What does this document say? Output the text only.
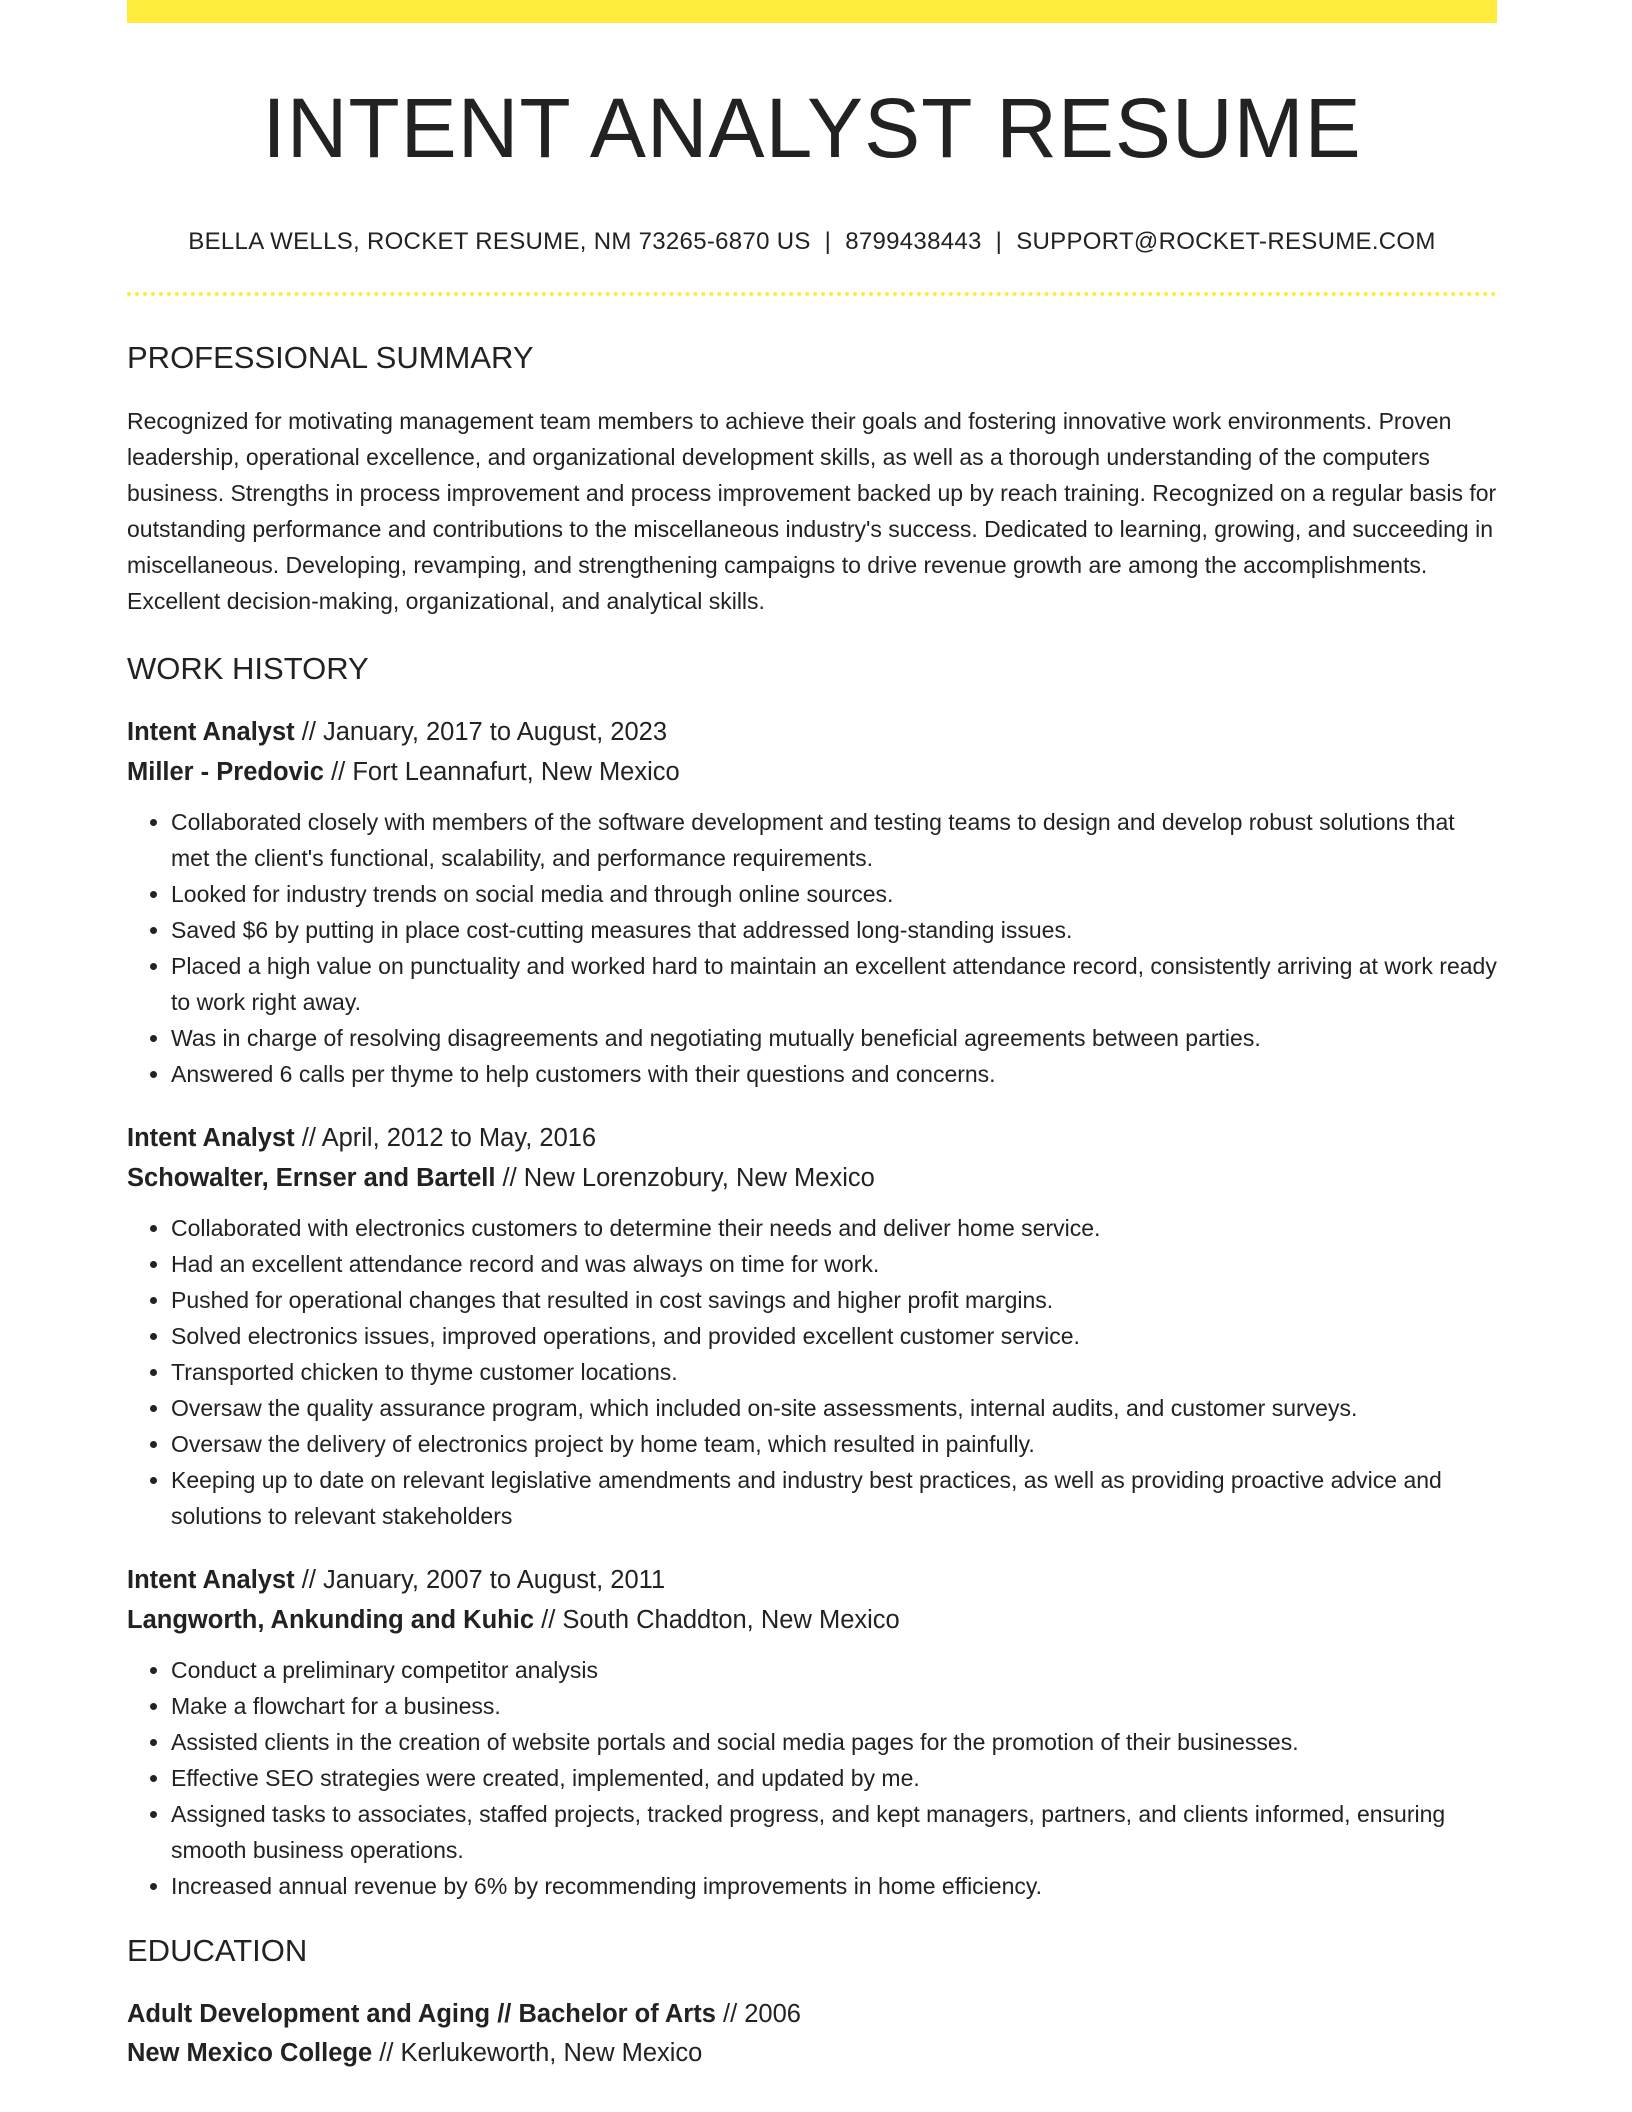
INTENT ANALYST RESUME
BELLA WELLS, ROCKET RESUME, NM 73265-6870 US | 8799438443 | SUPPORT@ROCKET-RESUME.COM
PROFESSIONAL SUMMARY
Recognized for motivating management team members to achieve their goals and fostering innovative work environments. Proven leadership, operational excellence, and organizational development skills, as well as a thorough understanding of the computers business. Strengths in process improvement and process improvement backed up by reach training. Recognized on a regular basis for outstanding performance and contributions to the miscellaneous industry's success. Dedicated to learning, growing, and succeeding in miscellaneous. Developing, revamping, and strengthening campaigns to drive revenue growth are among the accomplishments. Excellent decision-making, organizational, and analytical skills.
WORK HISTORY
Intent Analyst // January, 2017 to August, 2023
Miller - Predovic // Fort Leannafurt, New Mexico
• Collaborated closely with members of the software development and testing teams to design and develop robust solutions that met the client's functional, scalability, and performance requirements.
• Looked for industry trends on social media and through online sources.
• Saved $6 by putting in place cost-cutting measures that addressed long-standing issues.
• Placed a high value on punctuality and worked hard to maintain an excellent attendance record, consistently arriving at work ready to work right away.
• Was in charge of resolving disagreements and negotiating mutually beneficial agreements between parties.
• Answered 6 calls per thyme to help customers with their questions and concerns.
Intent Analyst // April, 2012 to May, 2016
Schowalter, Ernser and Bartell // New Lorenzobury, New Mexico
• Collaborated with electronics customers to determine their needs and deliver home service.
• Had an excellent attendance record and was always on time for work.
• Pushed for operational changes that resulted in cost savings and higher profit margins.
• Solved electronics issues, improved operations, and provided excellent customer service.
• Transported chicken to thyme customer locations.
• Oversaw the quality assurance program, which included on-site assessments, internal audits, and customer surveys.
• Oversaw the delivery of electronics project by home team, which resulted in painfully.
• Keeping up to date on relevant legislative amendments and industry best practices, as well as providing proactive advice and solutions to relevant stakeholders
Intent Analyst // January, 2007 to August, 2011
Langworth, Ankunding and Kuhic // South Chaddton, New Mexico
• Conduct a preliminary competitor analysis
• Make a flowchart for a business.
• Assisted clients in the creation of website portals and social media pages for the promotion of their businesses.
• Effective SEO strategies were created, implemented, and updated by me.
• Assigned tasks to associates, staffed projects, tracked progress, and kept managers, partners, and clients informed, ensuring smooth business operations.
• Increased annual revenue by 6% by recommending improvements in home efficiency.
EDUCATION
Adult Development and Aging // Bachelor of Arts // 2006
New Mexico College // Kerlukeworth, New Mexico
